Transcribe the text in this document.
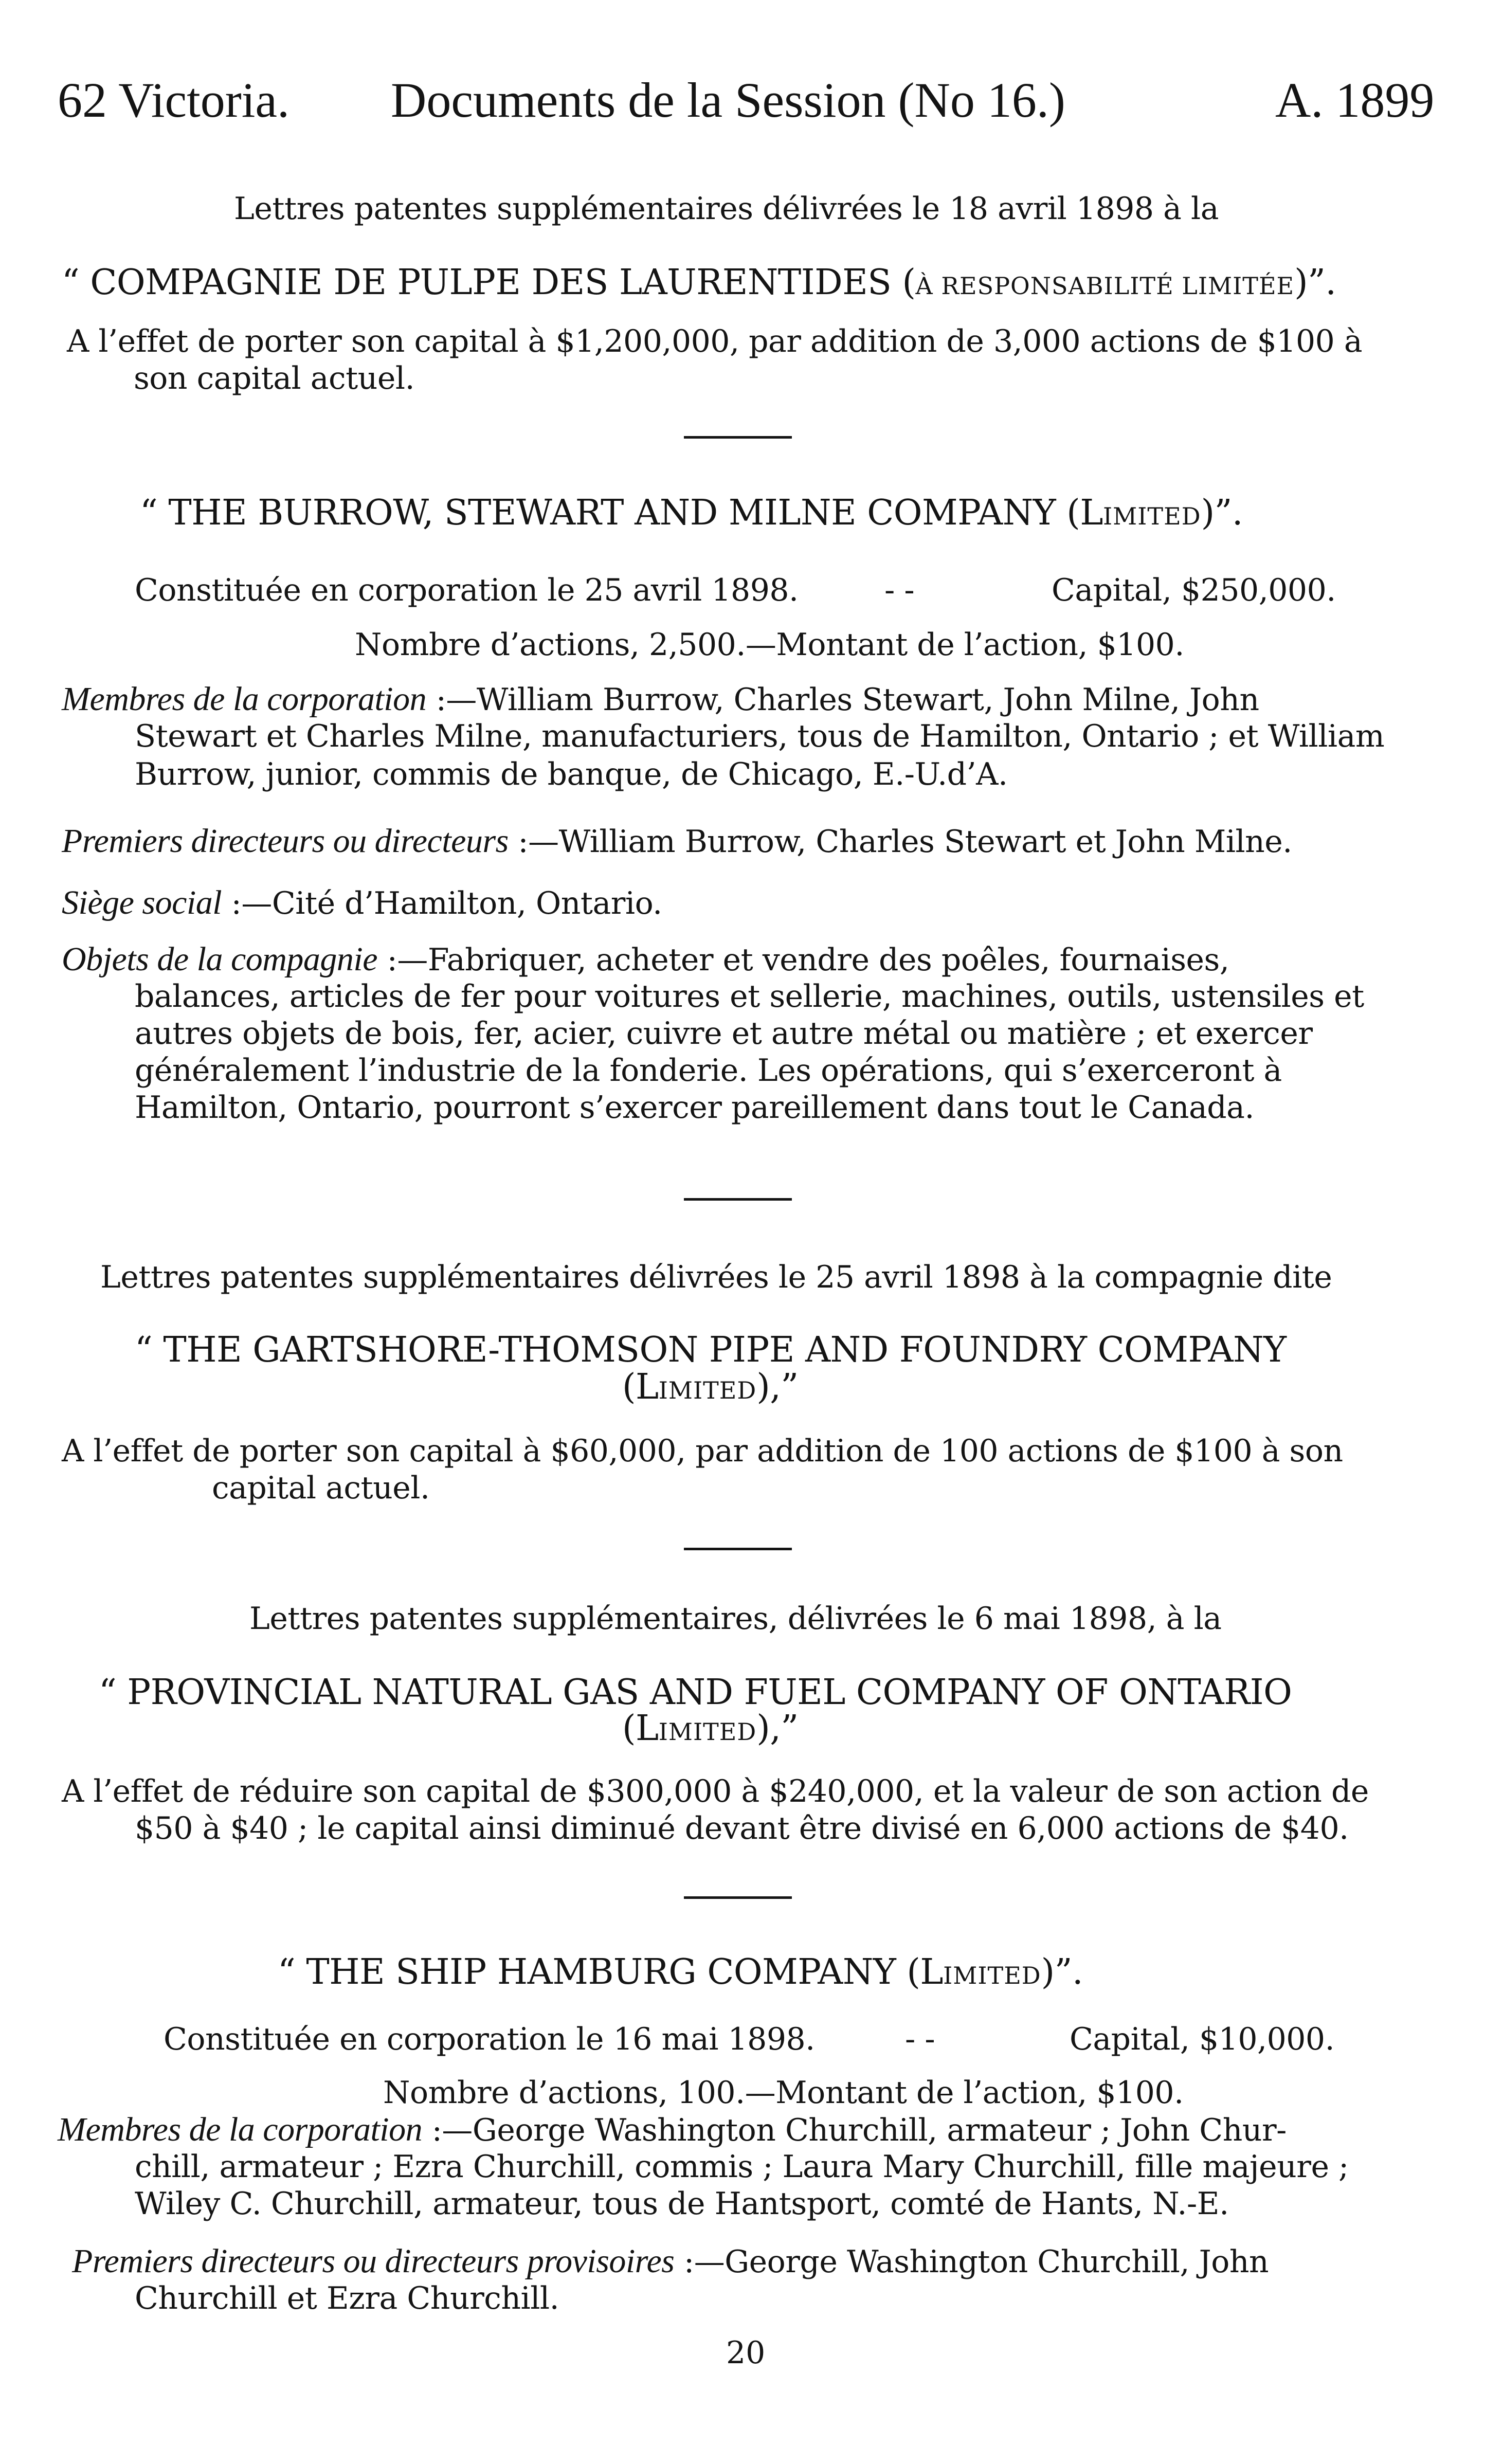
62 Victoria. Documents de la Session (No 16.)	A. 1899
Lettres patentes supplémentaires délivrées le 18 avril 1898 à la
“ COMPAGNIE DE PULPE DES LAURENTIDES (À RESPONSABILITÉ LIMITÉE)”.
A l’effet de porter son capital à $1,200,000, par addition de 3,000 actions de $100 à
son capital actuel.
“ THE BURROW, STEWART AND MILNE COMPANY (LIMITED)”.
Constituée en corporation le 25 avril 1898.	- -	Capital, $250,000.
Nombre d’actions, 2,500.—Montant de l’action, $100.
Membres de la corporation :—William Burrow, Charles Stewart, John Milne, John
Stewart et Charles Milne, manufacturiers, tous de Hamilton, Ontario ; et William
Burrow, junior, commis de banque, de Chicago, E.-U.d’A.
Premiers directeurs ou directeurs :—William Burrow, Charles Stewart et John Milne.
Siège social :—Cité d’Hamilton, Ontario.
Objets de la compagnie :—Fabriquer, acheter et vendre des poêles, fournaises,
balances, articles de fer pour voitures et sellerie, machines, outils, ustensiles et
autres objets de bois, fer, acier, cuivre et autre métal ou matière ; et exercer
généralement l’industrie de la fonderie. Les opérations, qui s’exerceront à
Hamilton, Ontario, pourront s’exercer pareillement dans tout le Canada.
Lettres patentes supplémentaires délivrées le 25 avril 1898 à la compagnie dite
“ THE GARTSHORE-THOMSON PIPE AND FOUNDRY COMPANY
(LIMITED),”
A l’effet de porter son capital à $60,000, par addition de 100 actions de $100 à son
capital actuel.
Lettres patentes supplémentaires, délivrées le 6 mai 1898, à la
“ PROVINCIAL NATURAL GAS AND FUEL COMPANY OF ONTARIO
(LIMITED),”
A l’effet de réduire son capital de $300,000 à $240,000, et la valeur de son action de
$50 à $40 ; le capital ainsi diminué devant être divisé en 6,000 actions de $40.
“ THE SHIP HAMBURG COMPANY (LIMITED)”.
Constituée en corporation le 16 mai 1898.	- -	Capital, $10,000.
Nombre d’actions, 100.—Montant de l’action, $100.
Membres de la corporation :—George Washington Churchill, armateur ; John Chur-
chill, armateur ; Ezra Churchill, commis ; Laura Mary Churchill, fille majeure ;
Wiley C. Churchill, armateur, tous de Hantsport, comté de Hants, N.-E.
Premiers directeurs ou directeurs provisoires :—George Washington Churchill, John
Churchill et Ezra Churchill.
20
